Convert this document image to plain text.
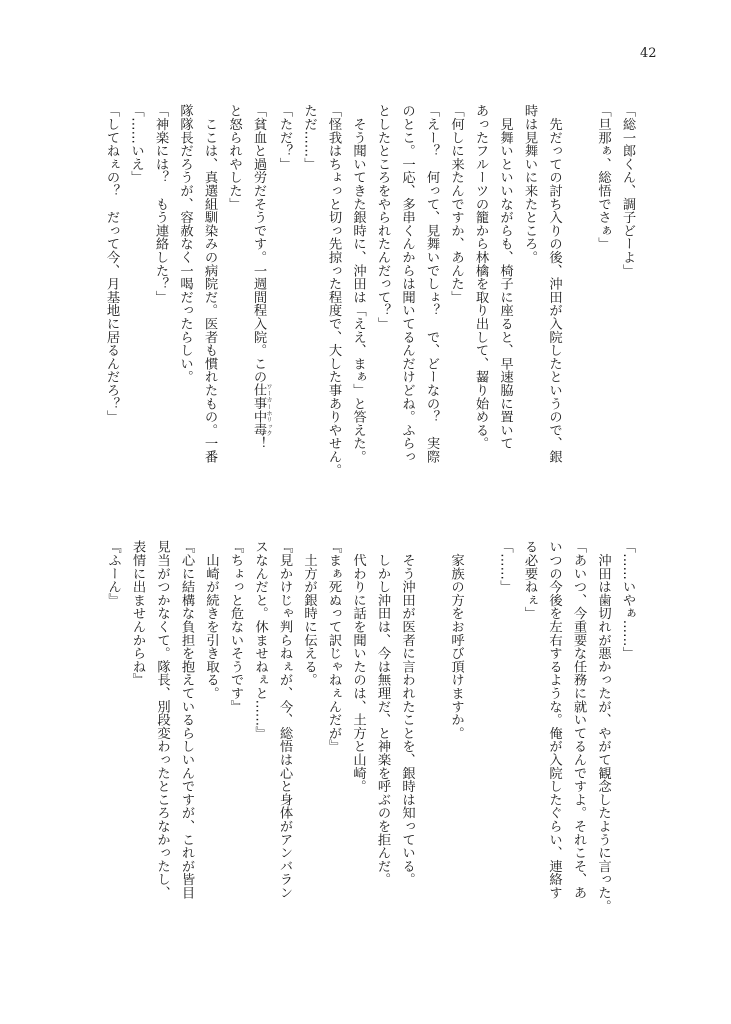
42
「総一郎くん、調子どーよ」
「旦那ぁ、総悟でさぁ」
　先だっての討ち入りの後、沖田が入院したというので、銀
時は見舞いに来たところ。
　見舞いといいながらも、椅子に座ると、早速脇に置いて
あったフルーツの籠から林檎を取り出して、齧り始める。
「何しに来たんですか、あんた」
「えー？　何って、見舞いでしょ？　で、どーなの？　実際
のとこ。一応、多串くんからは聞いてるんだけどね。ふらっ
としたところをやられたんだって？」
　そう聞いてきた銀時に、沖田は「ええ、まぁ」と答えた。
「怪我はちょっと切っ先掠った程度で、大した事ありやせん。
ただ……」
「ただ？」
「貧血と過労だそうです。一週間程入院。この仕事中毒 ワーカーホリック！
と怒られやした」
　ここは、真選組馴染みの病院だ。医者も慣れたもの。一番
隊隊長だろうが、容赦なく一喝だったらしい。
「神楽には？　もう連絡した？」
「……いえ」
「してねぇの？　だって今、月基地に居るんだろ？」
「……いやぁ……」
　沖田は歯切れが悪かったが、やがて観念したように言った。
「あいつ、今重要な任務に就いてるんですよ。それこそ、あ
いつの今後を左右するような。俺が入院したぐらい、連絡す
る必要ねぇ」
「……」
　家族の方をお呼び頂けますか。
　そう沖田が医者に言われたことを、銀時は知っている。
　しかし沖田は、今は無理だ、と神楽を呼ぶのを拒んだ。
　代わりに話を聞いたのは、土方と山崎。
『まぁ死ぬって訳じゃねぇんだが』
　土方が銀時に伝える。
『見かけじゃ判らねぇが、今、総悟は心と身体がアンバラン
スなんだと。休ませねぇと……』
『ちょっと危ないそうです』
　山崎が続きを引き取る。
『心に結構な負担を抱えているらしいんですが、これが皆目
見当がつかなくて。隊長、別段変わったところなかったし、
表情に出ませんからね』
『ふーん』
